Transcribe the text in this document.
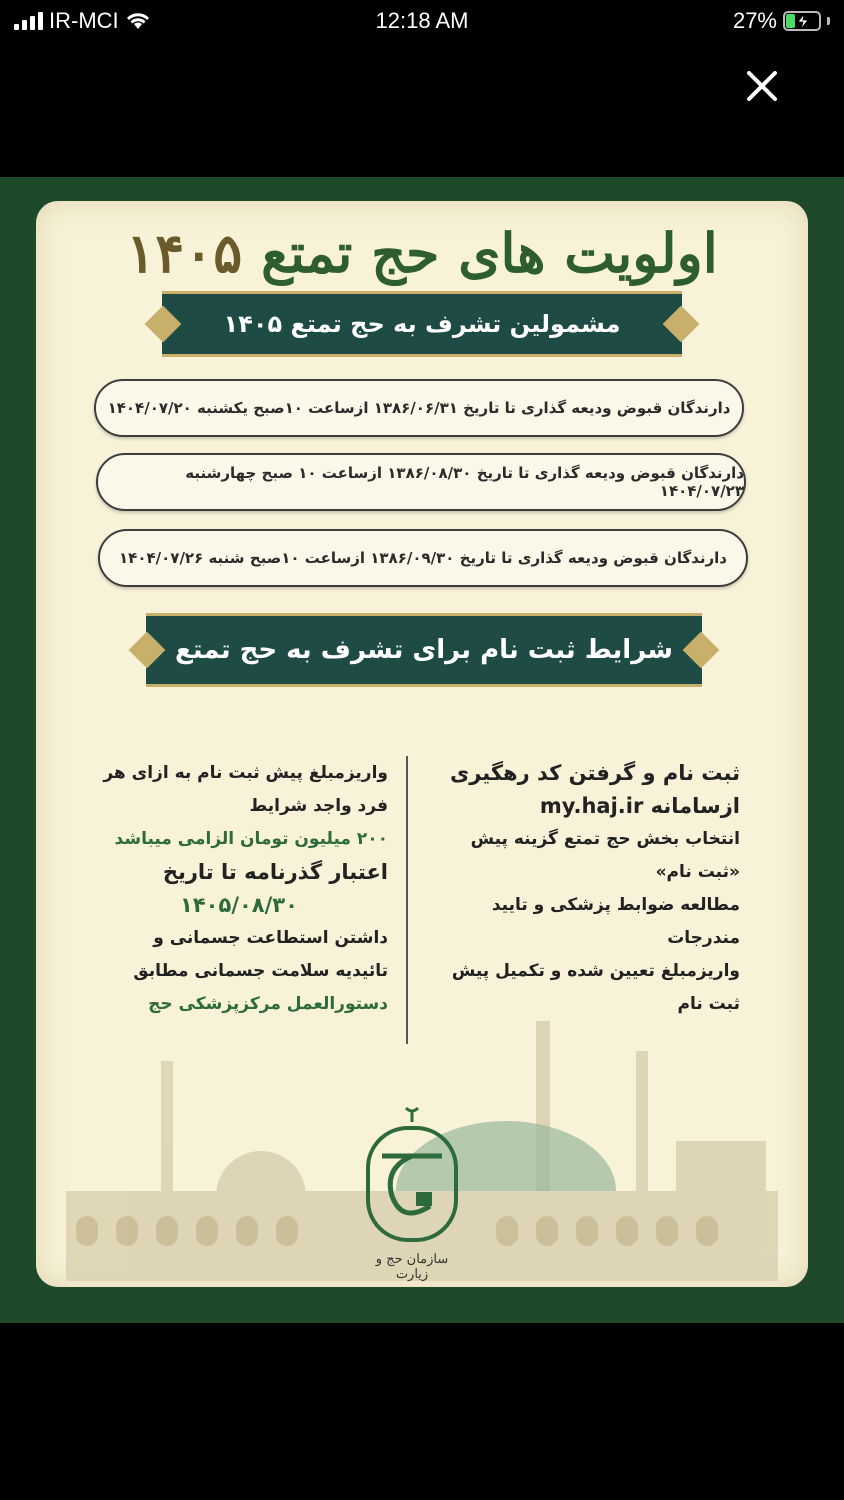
IR-MCI	12:18 AM	27%
اولویت های حج تمتع ۱۴۰۵
مشمولین تشرف به حج تمتع ۱۴۰۵
دارندگان قبوض ودیعه گذاری تا تاریخ ۱۳۸۶/۰۶/۳۱ ازساعت ۱۰صبح یکشنبه ۱۴۰۴/۰۷/۲۰
دارندگان قبوض ودیعه گذاری تا تاریخ ۱۳۸۶/۰۸/۳۰ ازساعت ۱۰ صبح چهارشنبه ۱۴۰۴/۰۷/۲۳
دارندگان قبوض ودیعه گذاری تا تاریخ ۱۳۸۶/۰۹/۳۰ ازساعت ۱۰صبح شنبه ۱۴۰۴/۰۷/۲۶
شرایط ثبت نام برای تشرف به حج تمتع
ثبت نام و گرفتن کد رهگیری
ازسامانه my.haj.ir
انتخاب بخش حج تمتع گزینه پیش
«ثبت نام»
مطالعه ضوابط پزشکی و تایید
مندرجات
واریزمبلغ تعیین شده و تکمیل پیش
ثبت نام
واریزمبلغ پیش ثبت نام به ازای هر
فرد واجد شرایط
۲۰۰ میلیون تومان الزامی میباشد
اعتبار گذرنامه تا تاریخ
۱۴۰۵/۰۸/۳۰
داشتن استطاعت جسمانی و
تائیدیه سلامت جسمانی مطابق
دستورالعمل مرکزپزشکی حج
سازمان حج و زیارت
